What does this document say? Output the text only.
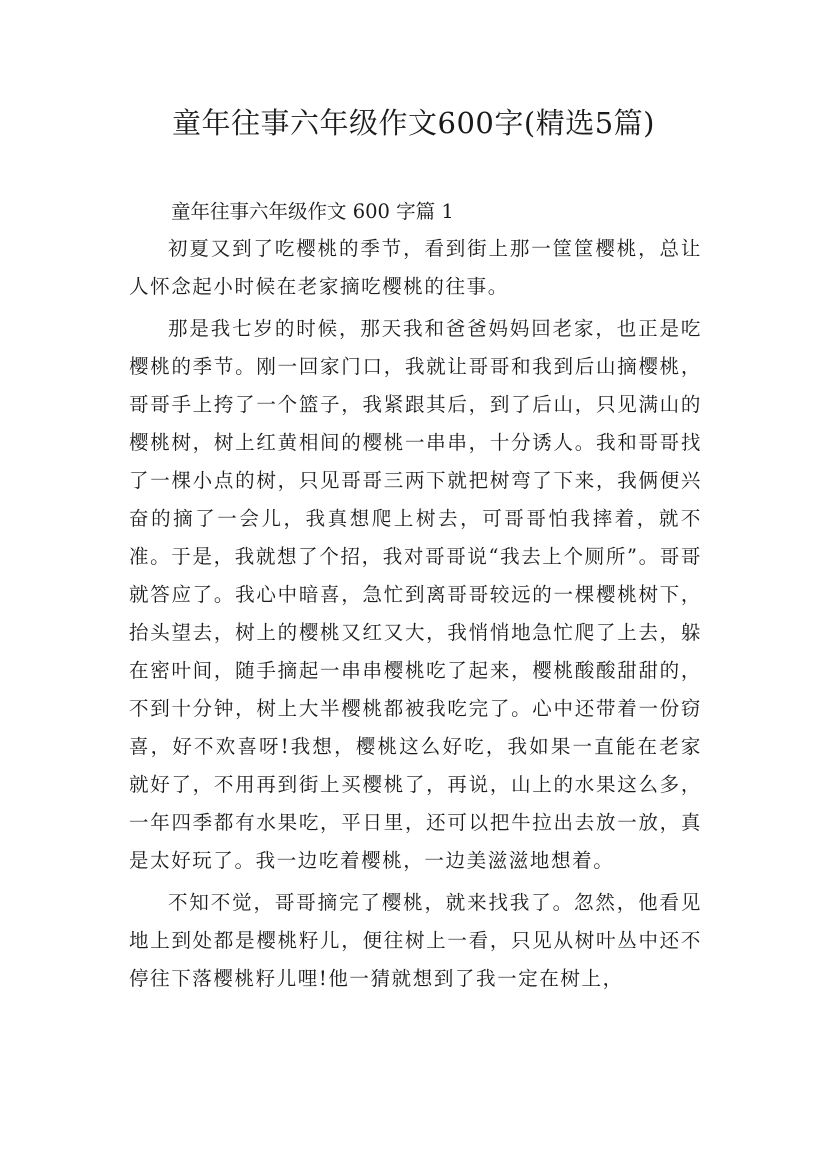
童年往事六年级作文600字(精选5篇)
童年往事六年级作文 600 字篇 1

初夏又到了吃樱桃的季节，看到街上那一筐筐樱桃，总让人怀念起小时候在老家摘吃樱桃的往事。

那是我七岁的时候，那天我和爸爸妈妈回老家，也正是吃樱桃的季节。刚一回家门口，我就让哥哥和我到后山摘樱桃，哥哥手上挎了一个篮子，我紧跟其后，到了后山，只见满山的樱桃树，树上红黄相间的樱桃一串串，十分诱人。我和哥哥找了一棵小点的树，只见哥哥三两下就把树弯了下来，我俩便兴奋的摘了一会儿，我真想爬上树去，可哥哥怕我摔着，就不准。于是，我就想了个招，我对哥哥说“我去上个厕所”。哥哥就答应了。我心中暗喜，急忙到离哥哥较远的一棵樱桃树下，抬头望去，树上的樱桃又红又大，我悄悄地急忙爬了上去，躲在密叶间，随手摘起一串串樱桃吃了起来，樱桃酸酸甜甜的，不到十分钟，树上大半樱桃都被我吃完了。心中还带着一份窃喜，好不欢喜呀!我想，樱桃这么好吃，我如果一直能在老家就好了，不用再到街上买樱桃了，再说，山上的水果这么多，一年四季都有水果吃，平日里，还可以把牛拉出去放一放，真是太好玩了。我一边吃着樱桃，一边美滋滋地想着。

不知不觉，哥哥摘完了樱桃，就来找我了。忽然，他看见地上到处都是樱桃籽儿，便往树上一看，只见从树叶丛中还不停往下落樱桃籽儿哩!他一猜就想到了我一定在树上，
